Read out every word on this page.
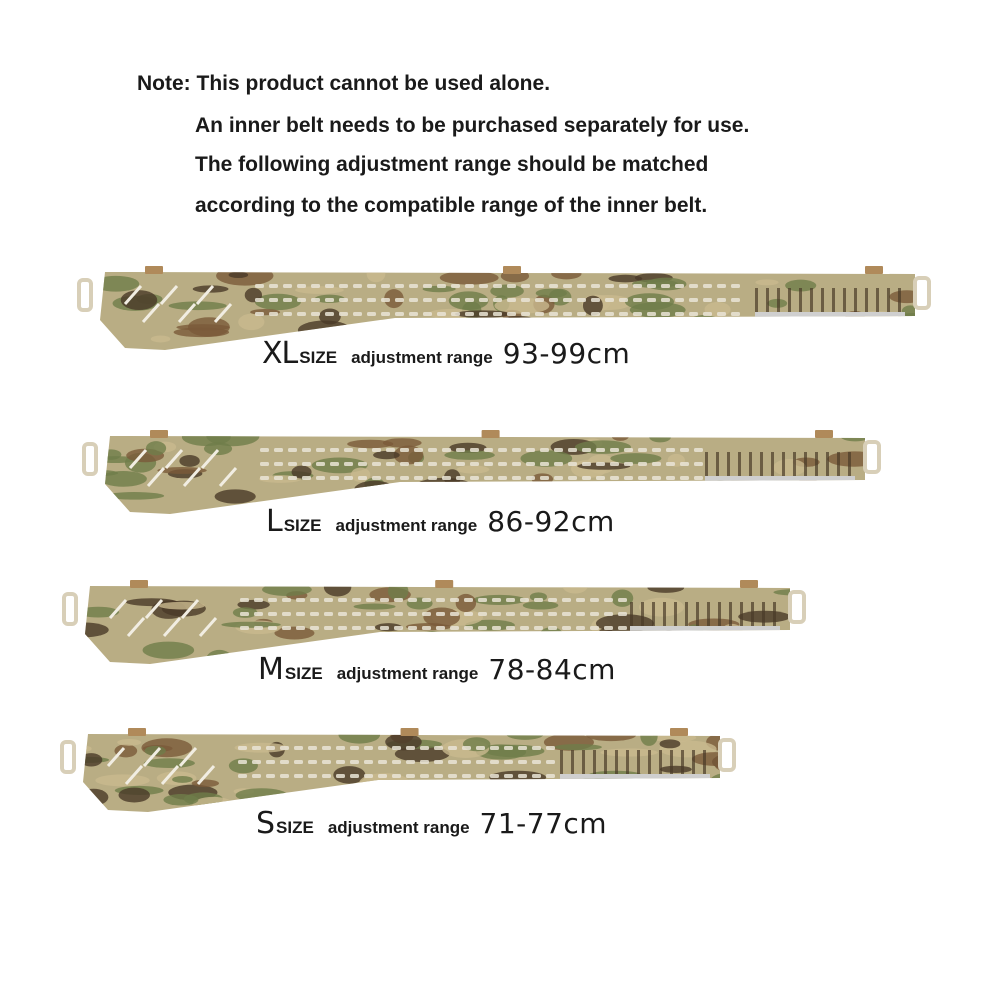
Note: This product cannot be used alone.
An inner belt needs to be purchased separately for use.
The following adjustment range should be matched
according to the compatible range of the inner belt.
XL SIZE adjustment range 93-99cm
L SIZE adjustment range 86-92cm
M SIZE adjustment range 78-84cm
S SIZE adjustment range 71-77cm
